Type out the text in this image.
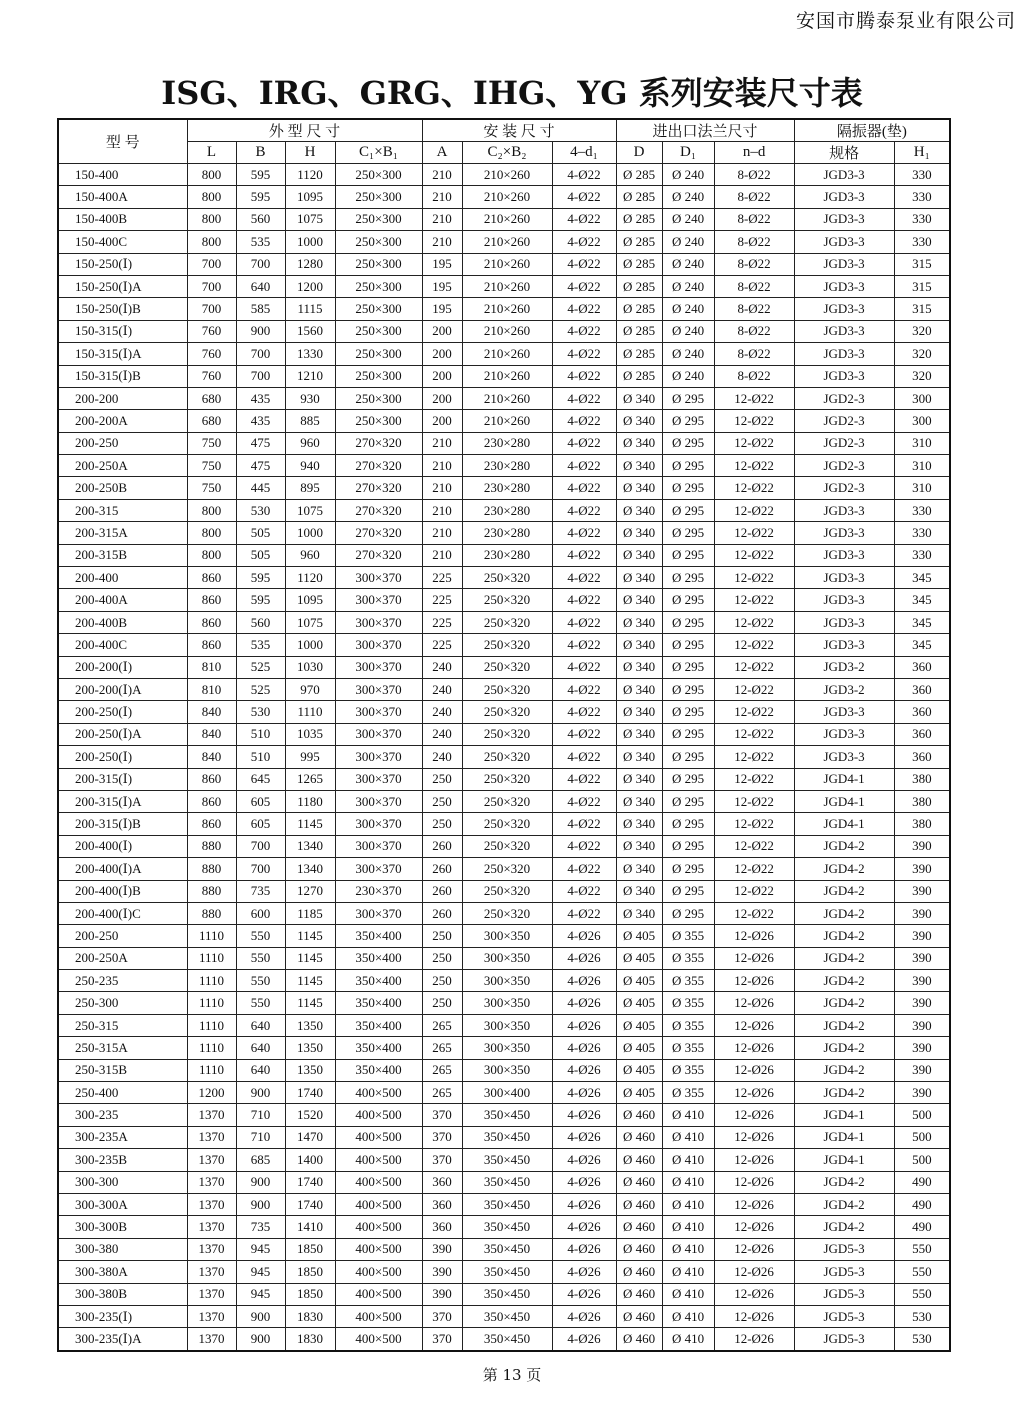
安国市腾泰泵业有限公司
ISG、IRG、GRG、IHG、YG 系列安装尺寸表
型 号	外 型 尺 寸				安 装 尺 寸			进出口法兰尺寸			隔振器(垫)	
	L	B	H	C₁×B₁	A	C₂×B₂	4–d₁	D	D₁	n–d	规格	H₁
150-400	800	595	1120	250×300	210	210×260	4-Ø22	Ø 285	Ø 240	8-Ø22	JGD3-3	330
150-400A	800	595	1095	250×300	210	210×260	4-Ø22	Ø 285	Ø 240	8-Ø22	JGD3-3	330
150-400B	800	560	1075	250×300	210	210×260	4-Ø22	Ø 285	Ø 240	8-Ø22	JGD3-3	330
150-400C	800	535	1000	250×300	210	210×260	4-Ø22	Ø 285	Ø 240	8-Ø22	JGD3-3	330
150-250(Ⅰ)	700	700	1280	250×300	195	210×260	4-Ø22	Ø 285	Ø 240	8-Ø22	JGD3-3	315
150-250(Ⅰ)A	700	640	1200	250×300	195	210×260	4-Ø22	Ø 285	Ø 240	8-Ø22	JGD3-3	315
150-250(Ⅰ)B	700	585	1115	250×300	195	210×260	4-Ø22	Ø 285	Ø 240	8-Ø22	JGD3-3	315
150-315(Ⅰ)	760	900	1560	250×300	200	210×260	4-Ø22	Ø 285	Ø 240	8-Ø22	JGD3-3	320
150-315(Ⅰ)A	760	700	1330	250×300	200	210×260	4-Ø22	Ø 285	Ø 240	8-Ø22	JGD3-3	320
150-315(Ⅰ)B	760	700	1210	250×300	200	210×260	4-Ø22	Ø 285	Ø 240	8-Ø22	JGD3-3	320
200-200	680	435	930	250×300	200	210×260	4-Ø22	Ø 340	Ø 295	12-Ø22	JGD2-3	300
200-200A	680	435	885	250×300	200	210×260	4-Ø22	Ø 340	Ø 295	12-Ø22	JGD2-3	300
200-250	750	475	960	270×320	210	230×280	4-Ø22	Ø 340	Ø 295	12-Ø22	JGD2-3	310
200-250A	750	475	940	270×320	210	230×280	4-Ø22	Ø 340	Ø 295	12-Ø22	JGD2-3	310
200-250B	750	445	895	270×320	210	230×280	4-Ø22	Ø 340	Ø 295	12-Ø22	JGD2-3	310
200-315	800	530	1075	270×320	210	230×280	4-Ø22	Ø 340	Ø 295	12-Ø22	JGD3-3	330
200-315A	800	505	1000	270×320	210	230×280	4-Ø22	Ø 340	Ø 295	12-Ø22	JGD3-3	330
200-315B	800	505	960	270×320	210	230×280	4-Ø22	Ø 340	Ø 295	12-Ø22	JGD3-3	330
200-400	860	595	1120	300×370	225	250×320	4-Ø22	Ø 340	Ø 295	12-Ø22	JGD3-3	345
200-400A	860	595	1095	300×370	225	250×320	4-Ø22	Ø 340	Ø 295	12-Ø22	JGD3-3	345
200-400B	860	560	1075	300×370	225	250×320	4-Ø22	Ø 340	Ø 295	12-Ø22	JGD3-3	345
200-400C	860	535	1000	300×370	225	250×320	4-Ø22	Ø 340	Ø 295	12-Ø22	JGD3-3	345
200-200(Ⅰ)	810	525	1030	300×370	240	250×320	4-Ø22	Ø 340	Ø 295	12-Ø22	JGD3-2	360
200-200(Ⅰ)A	810	525	970	300×370	240	250×320	4-Ø22	Ø 340	Ø 295	12-Ø22	JGD3-2	360
200-250(Ⅰ)	840	530	1110	300×370	240	250×320	4-Ø22	Ø 340	Ø 295	12-Ø22	JGD3-3	360
200-250(Ⅰ)A	840	510	1035	300×370	240	250×320	4-Ø22	Ø 340	Ø 295	12-Ø22	JGD3-3	360
200-250(Ⅰ)	840	510	995	300×370	240	250×320	4-Ø22	Ø 340	Ø 295	12-Ø22	JGD3-3	360
200-315(Ⅰ)	860	645	1265	300×370	250	250×320	4-Ø22	Ø 340	Ø 295	12-Ø22	JGD4-1	380
200-315(Ⅰ)A	860	605	1180	300×370	250	250×320	4-Ø22	Ø 340	Ø 295	12-Ø22	JGD4-1	380
200-315(Ⅰ)B	860	605	1145	300×370	250	250×320	4-Ø22	Ø 340	Ø 295	12-Ø22	JGD4-1	380
200-400(Ⅰ)	880	700	1340	300×370	260	250×320	4-Ø22	Ø 340	Ø 295	12-Ø22	JGD4-2	390
200-400(Ⅰ)A	880	700	1340	300×370	260	250×320	4-Ø22	Ø 340	Ø 295	12-Ø22	JGD4-2	390
200-400(Ⅰ)B	880	735	1270	230×370	260	250×320	4-Ø22	Ø 340	Ø 295	12-Ø22	JGD4-2	390
200-400(Ⅰ)C	880	600	1185	300×370	260	250×320	4-Ø22	Ø 340	Ø 295	12-Ø22	JGD4-2	390
200-250	1110	550	1145	350×400	250	300×350	4-Ø26	Ø 405	Ø 355	12-Ø26	JGD4-2	390
200-250A	1110	550	1145	350×400	250	300×350	4-Ø26	Ø 405	Ø 355	12-Ø26	JGD4-2	390
250-235	1110	550	1145	350×400	250	300×350	4-Ø26	Ø 405	Ø 355	12-Ø26	JGD4-2	390
250-300	1110	550	1145	350×400	250	300×350	4-Ø26	Ø 405	Ø 355	12-Ø26	JGD4-2	390
250-315	1110	640	1350	350×400	265	300×350	4-Ø26	Ø 405	Ø 355	12-Ø26	JGD4-2	390
250-315A	1110	640	1350	350×400	265	300×350	4-Ø26	Ø 405	Ø 355	12-Ø26	JGD4-2	390
250-315B	1110	640	1350	350×400	265	300×350	4-Ø26	Ø 405	Ø 355	12-Ø26	JGD4-2	390
250-400	1200	900	1740	400×500	265	300×400	4-Ø26	Ø 405	Ø 355	12-Ø26	JGD4-2	390
300-235	1370	710	1520	400×500	370	350×450	4-Ø26	Ø 460	Ø 410	12-Ø26	JGD4-1	500
300-235A	1370	710	1470	400×500	370	350×450	4-Ø26	Ø 460	Ø 410	12-Ø26	JGD4-1	500
300-235B	1370	685	1400	400×500	370	350×450	4-Ø26	Ø 460	Ø 410	12-Ø26	JGD4-1	500
300-300	1370	900	1740	400×500	360	350×450	4-Ø26	Ø 460	Ø 410	12-Ø26	JGD4-2	490
300-300A	1370	900	1740	400×500	360	350×450	4-Ø26	Ø 460	Ø 410	12-Ø26	JGD4-2	490
300-300B	1370	735	1410	400×500	360	350×450	4-Ø26	Ø 460	Ø 410	12-Ø26	JGD4-2	490
300-380	1370	945	1850	400×500	390	350×450	4-Ø26	Ø 460	Ø 410	12-Ø26	JGD5-3	550
300-380A	1370	945	1850	400×500	390	350×450	4-Ø26	Ø 460	Ø 410	12-Ø26	JGD5-3	550
300-380B	1370	945	1850	400×500	390	350×450	4-Ø26	Ø 460	Ø 410	12-Ø26	JGD5-3	550
300-235(Ⅰ)	1370	900	1830	400×500	370	350×450	4-Ø26	Ø 460	Ø 410	12-Ø26	JGD5-3	530
300-235(Ⅰ)A	1370	900	1830	400×500	370	350×450	4-Ø26	Ø 460	Ø 410	12-Ø26	JGD5-3	530
第 13 页
